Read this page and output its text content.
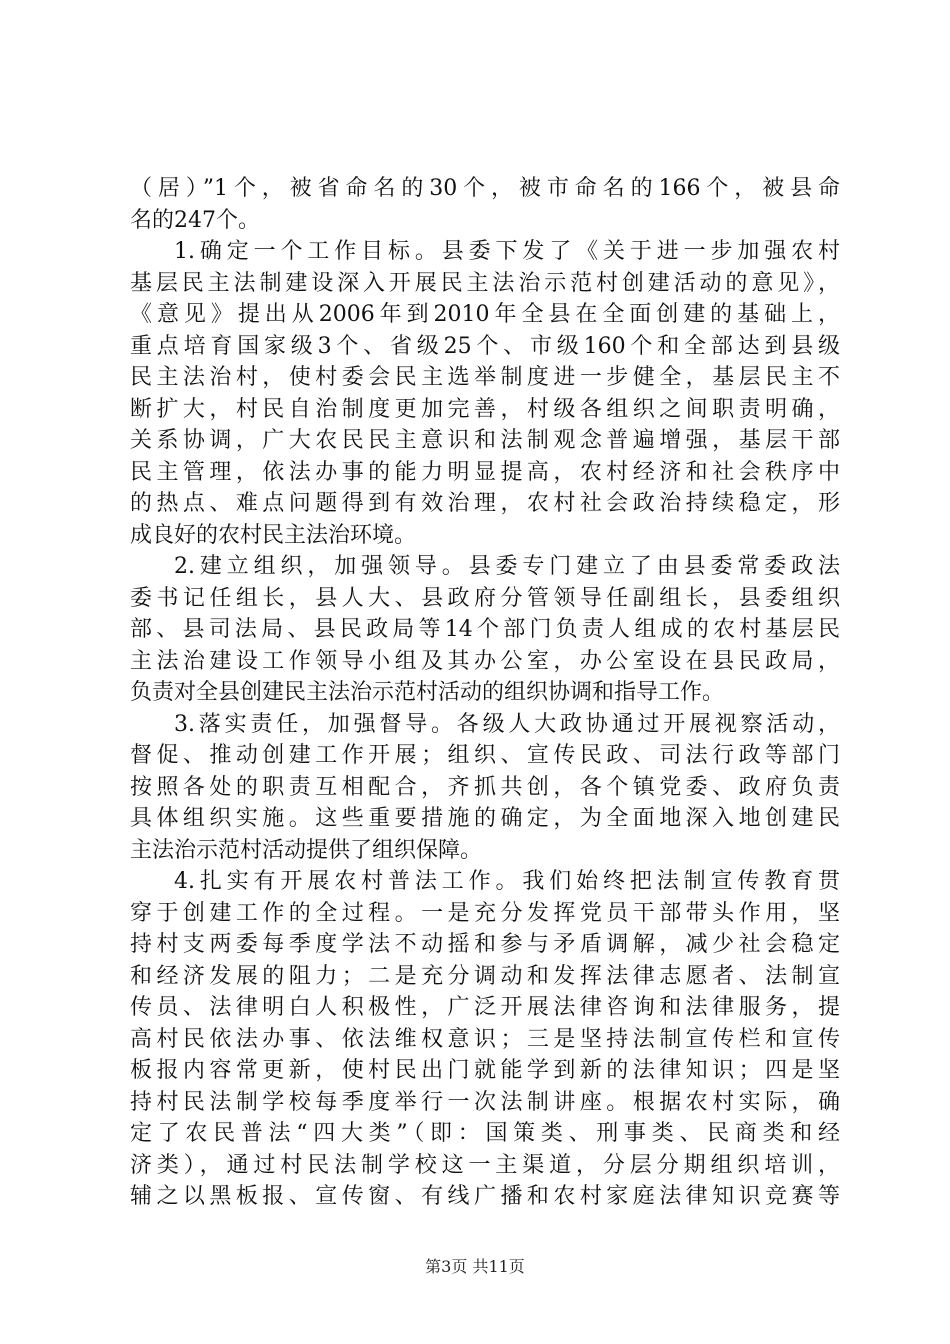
（居）”1个，被省命名的30个，被市命名的166个，被县命
名的247个。
1.确定一个工作目标。县委下发了《关于进一步加强农村
基层民主法制建设深入开展民主法治示范村创建活动的意见》，
《意见》提出从2006年到2010年全县在全面创建的基础上，
重点培育国家级3个、省级25个、市级160个和全部达到县级
民主法治村，使村委会民主选举制度进一步健全，基层民主不
断扩大，村民自治制度更加完善，村级各组织之间职责明确，
关系协调，广大农民民主意识和法制观念普遍增强，基层干部
民主管理，依法办事的能力明显提高，农村经济和社会秩序中
的热点、难点问题得到有效治理，农村社会政治持续稳定，形
成良好的农村民主法治环境。
2.建立组织，加强领导。县委专门建立了由县委常委政法
委书记任组长，县人大、县政府分管领导任副组长，县委组织
部、县司法局、县民政局等14个部门负责人组成的农村基层民
主法治建设工作领导小组及其办公室，办公室设在县民政局，
负责对全县创建民主法治示范村活动的组织协调和指导工作。
3.落实责任，加强督导。各级人大政协通过开展视察活动，
督促、推动创建工作开展；组织、宣传民政、司法行政等部门
按照各处的职责互相配合，齐抓共创，各个镇党委、政府负责
具体组织实施。这些重要措施的确定，为全面地深入地创建民
主法治示范村活动提供了组织保障。
4.扎实有开展农村普法工作。我们始终把法制宣传教育贯
穿于创建工作的全过程。一是充分发挥党员干部带头作用，坚
持村支两委每季度学法不动摇和参与矛盾调解，减少社会稳定
和经济发展的阻力；二是充分调动和发挥法律志愿者、法制宣
传员、法律明白人积极性，广泛开展法律咨询和法律服务，提
高村民依法办事、依法维权意识；三是坚持法制宣传栏和宣传
板报内容常更新，使村民出门就能学到新的法律知识；四是坚
持村民法制学校每季度举行一次法制讲座。根据农村实际，确
定了农民普法“四大类”（即：国策类、刑事类、民商类和经
济类），通过村民法制学校这一主渠道，分层分期组织培训，
辅之以黑板报、宣传窗、有线广播和农村家庭法律知识竞赛等
第3页 共11页
